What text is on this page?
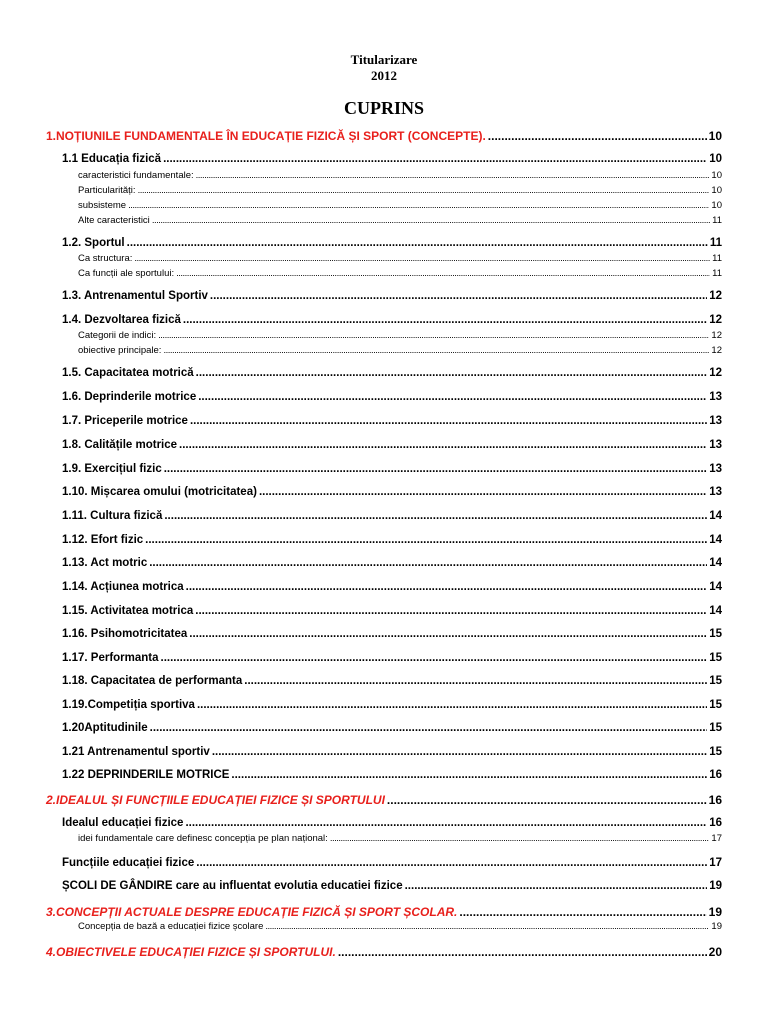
Titularizare
2012
CUPRINS
1.NOȚIUNILE FUNDAMENTALE ÎN EDUCAȚIE FIZICĂ ȘI SPORT (CONCEPTE). .....	10
1.1 Educația fizică .....	10
caracteristici fundamentale: .....	10
Particularități: .....	10
subsisteme .....	10
Alte caracteristici .....	11
1.2. Sportul .....	11
Ca structura: .....	11
Ca funcții ale sportului: .....	11
1.3. Antrenamentul Sportiv .....	12
1.4. Dezvoltarea fizică .....	12
Categorii de indici: .....	12
obiective principale: .....	12
1.5. Capacitatea motrică .....	12
1.6. Deprinderile motrice .....	13
1.7. Priceperile motrice .....	13
1.8. Calitățile motrice .....	13
1.9. Exercițiul fizic .....	13
1.10. Mișcarea omului (motricitatea) .....	13
1.11. Cultura fizică .....	14
1.12. Efort fizic .....	14
1.13. Act motric .....	14
1.14. Acțiunea motrica .....	14
1.15. Activitatea motrica .....	14
1.16. Psihomotricitatea .....	15
1.17. Performanta .....	15
1.18. Capacitatea de performanta .....	15
1.19.Competiția sportiva .....	15
1.20Aptitudinile .....	15
1.21 Antrenamentul sportiv .....	15
1.22 DEPRINDERILE MOTRICE .....	16
2.IDEALUL ȘI FUNCȚIILE EDUCAȚIEI FIZICE ȘI SPORTULUI .....	16
Idealul educației fizice .....	16
idei fundamentale care definesc concepția pe plan național: .....	17
Funcțiile educației fizice .....	17
ȘCOLI DE GÂNDIRE care au influentat evolutia educatiei fizice .....	19
3.CONCEPȚII ACTUALE DESPRE EDUCAȚIE FIZICĂ ȘI SPORT ȘCOLAR. .....	19
Concepția de bază a educației fizice școlare .....	19
4.OBIECTIVELE EDUCAȚIEI FIZICE ȘI SPORTULUI. .....	20
